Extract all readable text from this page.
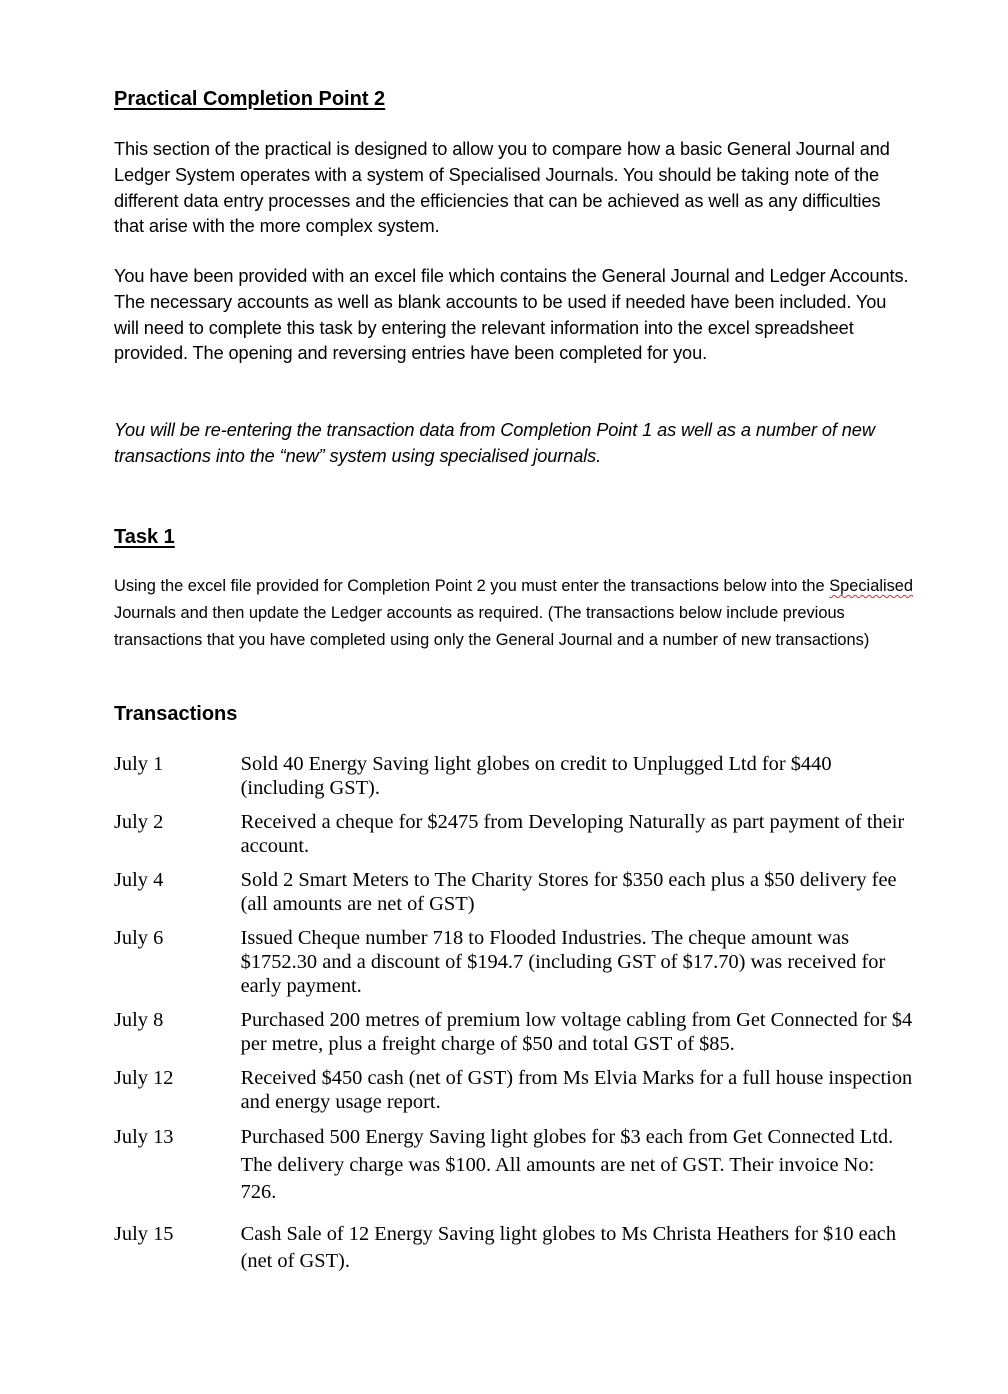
Practical Completion Point 2

This section of the practical is designed to allow you to compare how a basic General Journal and Ledger System operates with a system of Specialised Journals. You should be taking note of the different data entry processes and the efficiencies that can be achieved as well as any difficulties that arise with the more complex system.

You have been provided with an excel file which contains the General Journal and Ledger Accounts. The necessary accounts as well as blank accounts to be used if needed have been included. You will need to complete this task by entering the relevant information into the excel spreadsheet provided. The opening and reversing entries have been completed for you.

You will be re-entering the transaction data from Completion Point 1 as well as a number of new transactions into the “new” system using specialised journals.

Task 1

Using the excel file provided for Completion Point 2 you must enter the transactions below into the Specialised Journals and then update the Ledger accounts as required. (The transactions below include previous transactions that you have completed using only the General Journal and a number of new transactions)

Transactions
July 1	Sold 40 Energy Saving light globes on credit to Unplugged Ltd for $440 (including GST).
July 2	Received a cheque for $2475 from Developing Naturally as part payment of their account.
July 4	Sold 2 Smart Meters to The Charity Stores for $350 each plus a $50 delivery fee (all amounts are net of GST)
July 6	Issued Cheque number 718 to Flooded Industries. The cheque amount was $1752.30 and a discount of $194.7 (including GST of $17.70) was received for early payment.
July 8	Purchased 200 metres of premium low voltage cabling from Get Connected for $4 per metre, plus a freight charge of $50 and total GST of $85.
July 12	Received $450 cash (net of GST) from Ms Elvia Marks for a full house inspection and energy usage report.
July 13	Purchased 500 Energy Saving light globes for $3 each from Get Connected Ltd. The delivery charge was $100. All amounts are net of GST. Their invoice No: 726.
July 15	Cash Sale of 12 Energy Saving light globes to Ms Christa Heathers for $10 each (net of GST).
